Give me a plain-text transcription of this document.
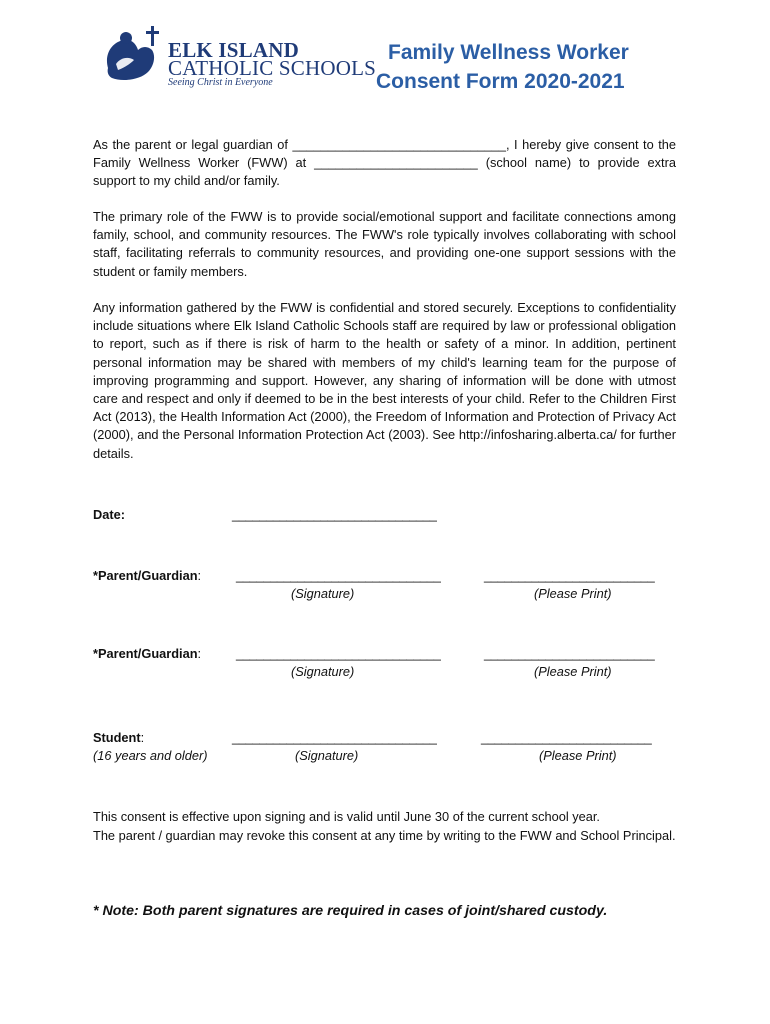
ELK ISLAND
CATHOLIC SCHOOLS
Seeing Christ in Everyone
Family Wellness Worker
Consent Form 2020-2021

As the parent or legal guardian of ______________________________, I hereby give consent to the Family Wellness Worker (FWW) at _______________________ (school name) to provide extra support to my child and/or family.

The primary role of the FWW is to provide social/emotional support and facilitate connections among family, school, and community resources. The FWW's role typically involves collaborating with school staff, facilitating referrals to community resources, and providing one-one support sessions with the student or family members.

Any information gathered by the FWW is confidential and stored securely. Exceptions to confidentiality include situations where Elk Island Catholic Schools staff are required by law or professional obligation to report, such as if there is risk of harm to the health or safety of a minor. In addition, pertinent personal information may be shared with members of my child's learning team for the purpose of improving programming and support. However, any sharing of information will be done with utmost care and respect and only if deemed to be in the best interests of your child. Refer to the Children First Act (2013), the Health Information Act (2000), the Freedom of Information and Protection of Privacy Act (2000), and the Personal Information Protection Act (2003). See http://infosharing.alberta.ca/ for further details.

Date:	______________________________
*Parent/Guardian:	______________________________	_________________________
(Signature)	(Please Print)
*Parent/Guardian:	______________________________	_________________________
(Signature)	(Please Print)
Student:
(16 years and older)
______________________________	_________________________
(Signature)	(Please Print)
This consent is effective upon signing and is valid until June 30 of the current school year.
The parent / guardian may revoke this consent at any time by writing to the FWW and School Principal.
* Note: Both parent signatures are required in cases of joint/shared custody.
